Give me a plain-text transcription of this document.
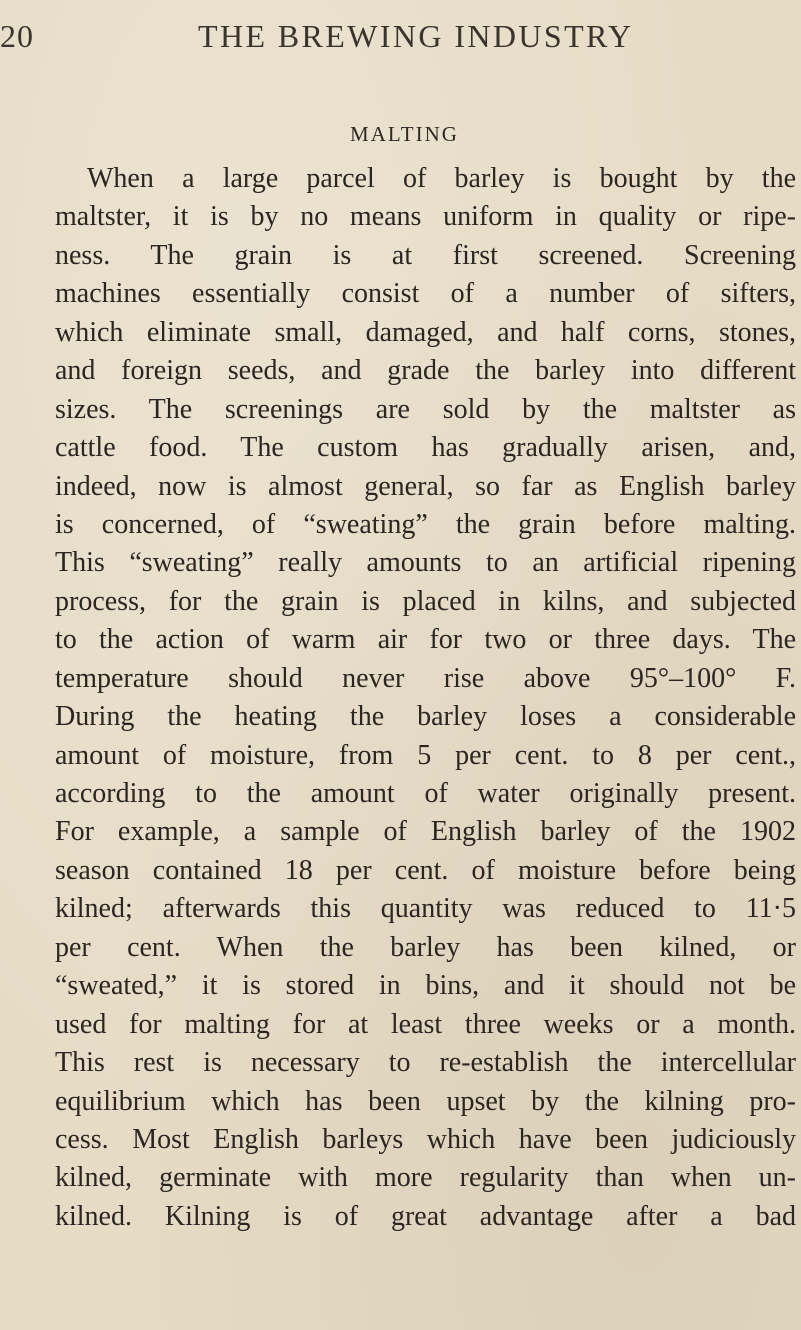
20	THE BREWING INDUSTRY
MALTING
When a large parcel of barley is bought by the
maltster, it is by no means uniform in quality or ripe-
ness. The grain is at first screened. Screening
machines essentially consist of a number of sifters,
which eliminate small, damaged, and half corns, stones,
and foreign seeds, and grade the barley into different
sizes. The screenings are sold by the maltster as
cattle food. The custom has gradually arisen, and,
indeed, now is almost general, so far as English barley
is concerned, of “sweating” the grain before malting.
This “sweating” really amounts to an artificial ripening
process, for the grain is placed in kilns, and subjected
to the action of warm air for two or three days. The
temperature should never rise above 95°–100° F.
During the heating the barley loses a considerable
amount of moisture, from 5 per cent. to 8 per cent.,
according to the amount of water originally present.
For example, a sample of English barley of the 1902
season contained 18 per cent. of moisture before being
kilned; afterwards this quantity was reduced to 11·5
per cent. When the barley has been kilned, or
“sweated,” it is stored in bins, and it should not be
used for malting for at least three weeks or a month.
This rest is necessary to re-establish the intercellular
equilibrium which has been upset by the kilning pro-
cess. Most English barleys which have been judiciously
kilned, germinate with more regularity than when un-
kilned. Kilning is of great advantage after a bad
